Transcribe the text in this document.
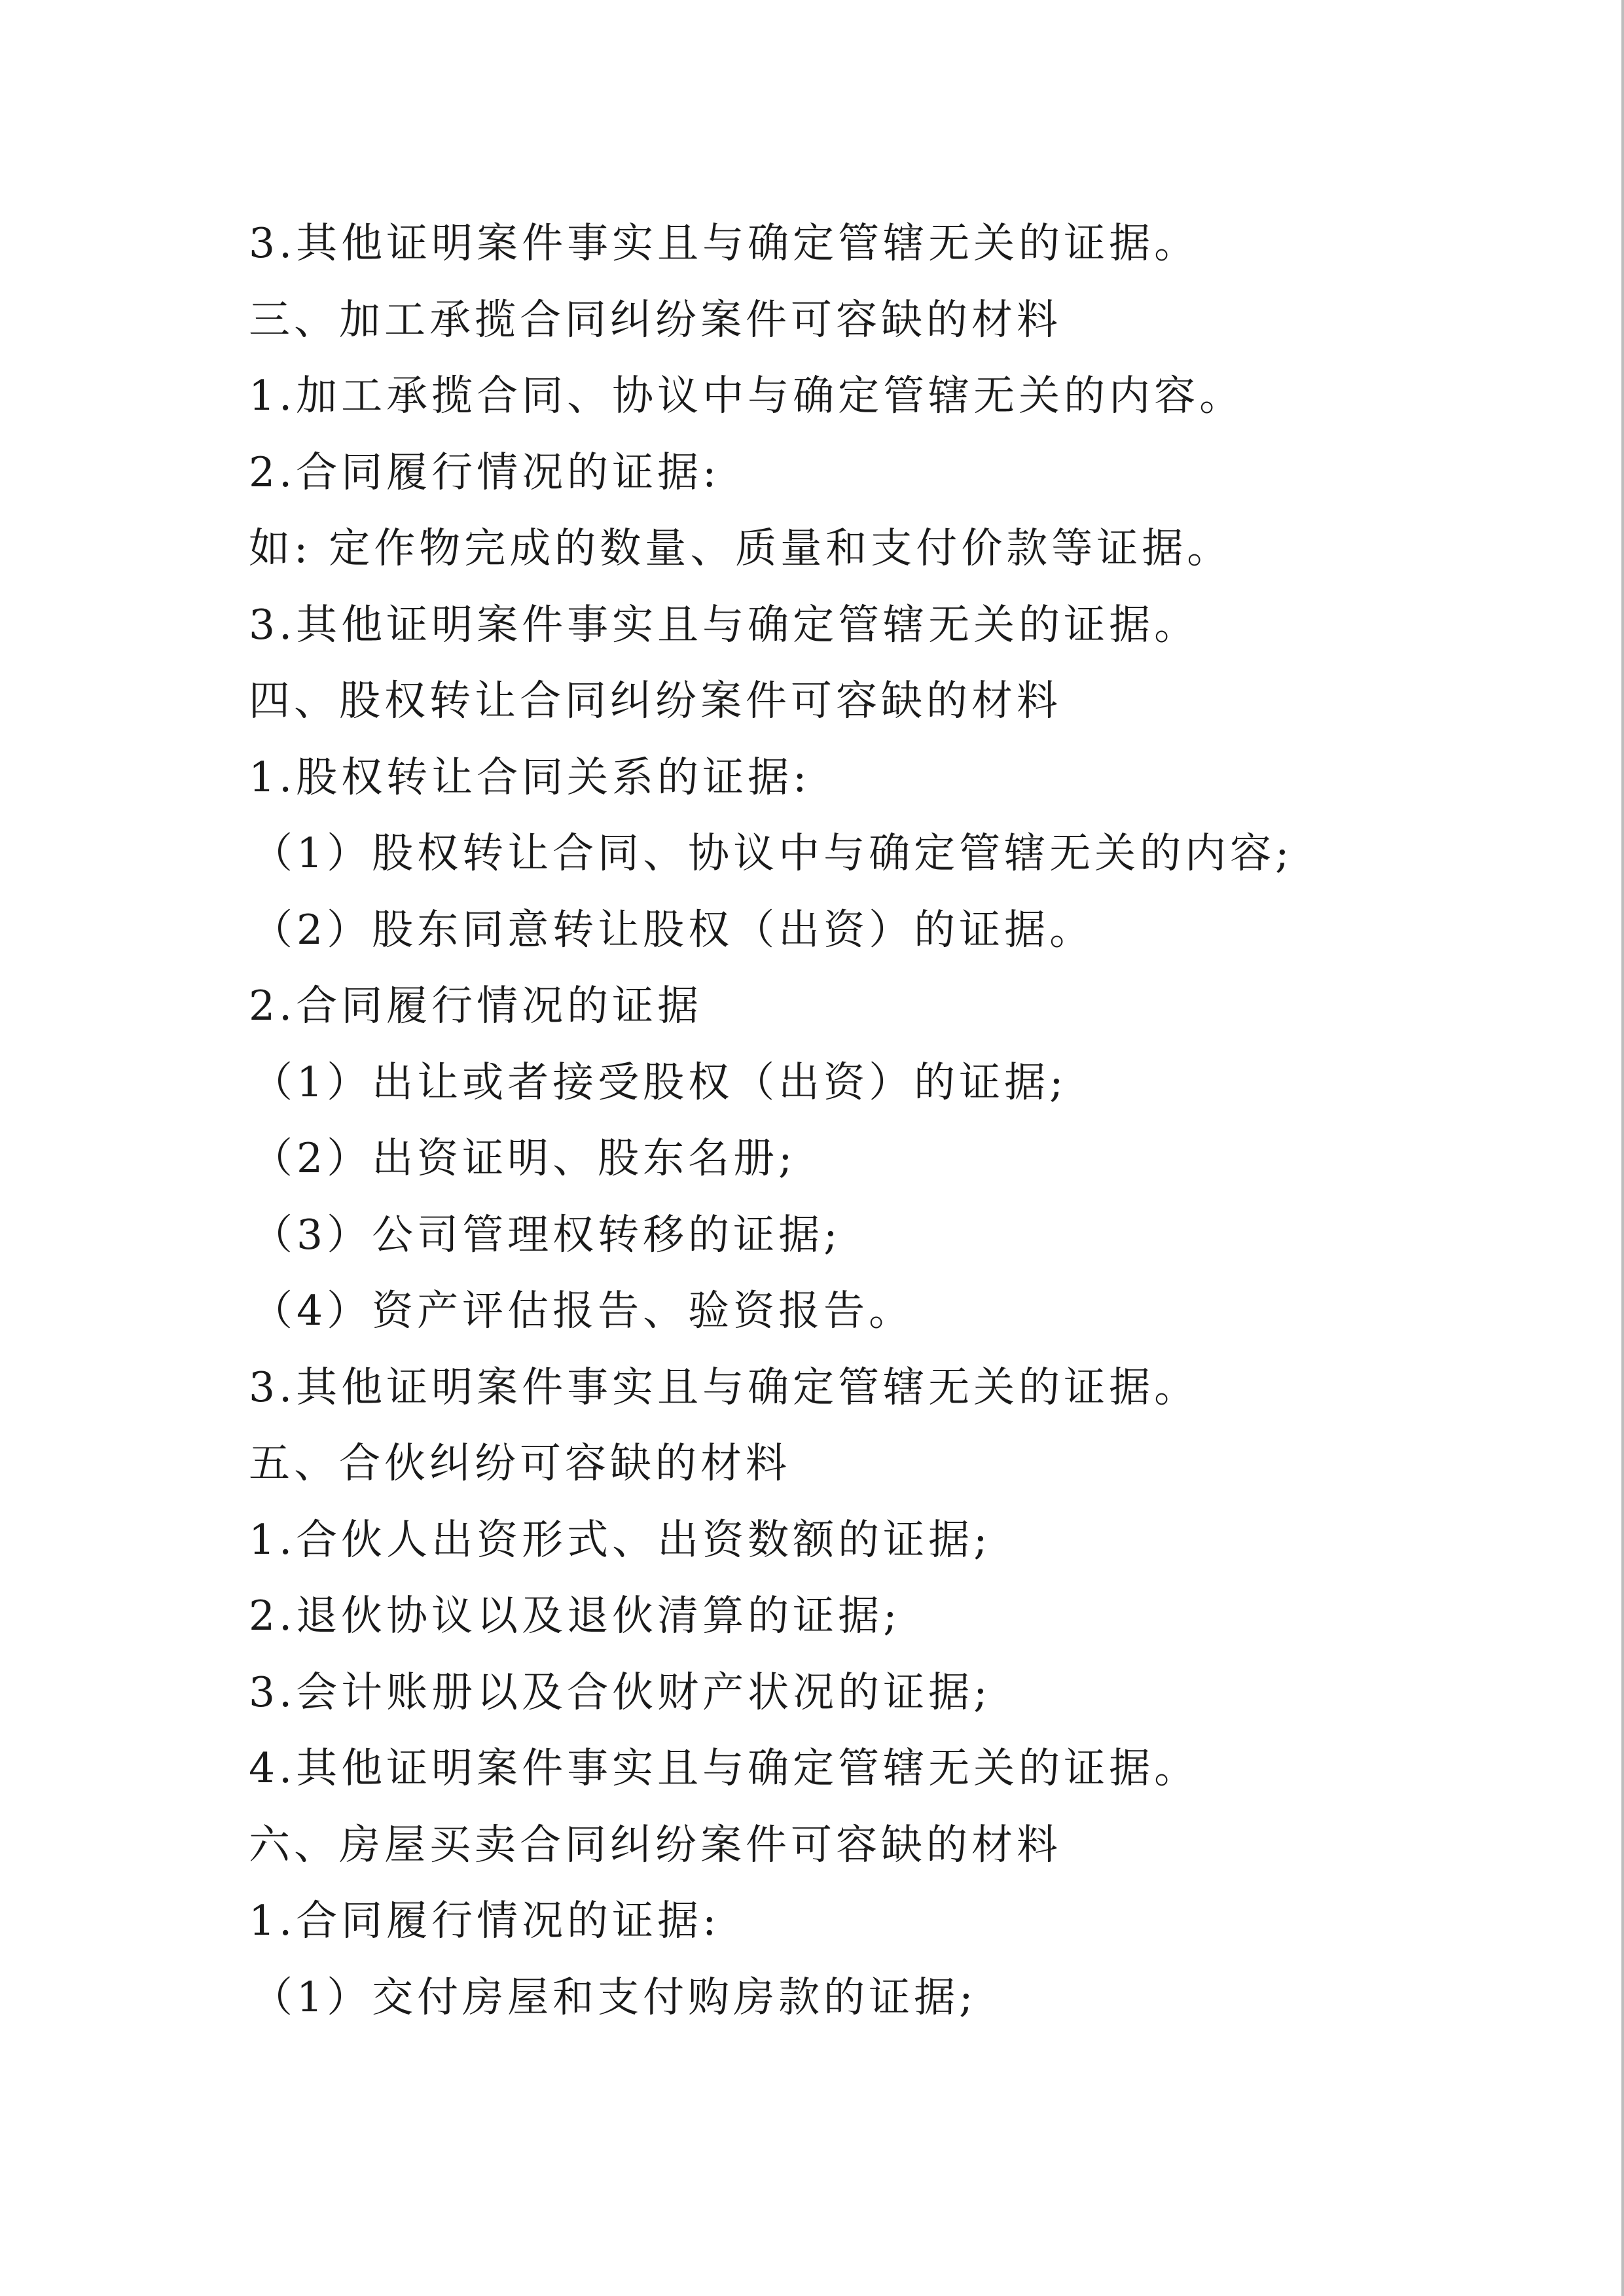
3.其他证明案件事实且与确定管辖无关的证据。
三、加工承揽合同纠纷案件可容缺的材料
1.加工承揽合同、协议中与确定管辖无关的内容。
2.合同履行情况的证据:
如: 定作物完成的数量、质量和支付价款等证据。
3.其他证明案件事实且与确定管辖无关的证据。
四、股权转让合同纠纷案件可容缺的材料
1.股权转让合同关系的证据:
（1）股权转让合同、协议中与确定管辖无关的内容;
（2）股东同意转让股权（出资）的证据。
2.合同履行情况的证据
（1）出让或者接受股权（出资）的证据;
（2）出资证明、股东名册;
（3）公司管理权转移的证据;
（4）资产评估报告、验资报告。
3.其他证明案件事实且与确定管辖无关的证据。
五、合伙纠纷可容缺的材料
1.合伙人出资形式、出资数额的证据;
2.退伙协议以及退伙清算的证据;
3.会计账册以及合伙财产状况的证据;
4.其他证明案件事实且与确定管辖无关的证据。
六、房屋买卖合同纠纷案件可容缺的材料
1.合同履行情况的证据:
（1）交付房屋和支付购房款的证据;
